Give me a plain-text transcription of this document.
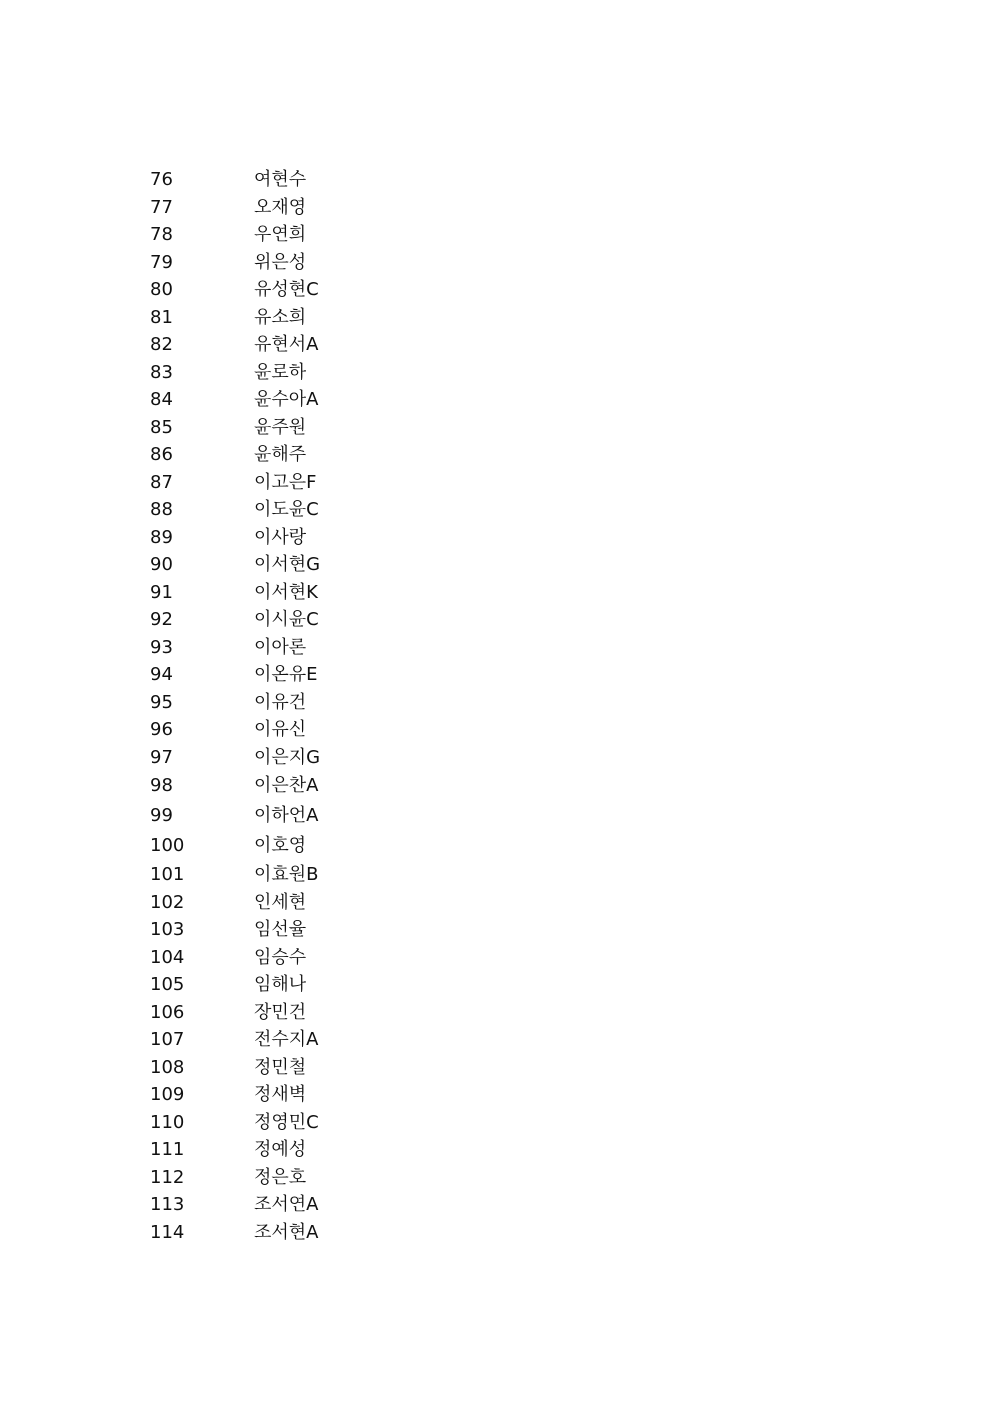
76	여현수
77	오재영
78	우연희
79	위은성
80	유성현C
81	유소희
82	유현서A
83	윤로하
84	윤수아A
85	윤주원
86	윤해주
87	이고은F
88	이도윤C
89	이사랑
90	이서현G
91	이서현K
92	이시윤C
93	이아론
94	이온유E
95	이유건
96	이유신
97	이은지G
98	이은찬A
99	이하언A
100	이호영
101	이효원B
102	인세현
103	임선율
104	임승수
105	임해나
106	장민건
107	전수지A
108	정민철
109	정새벽
110	정영민C
111	정예성
112	정은호
113	조서연A
114	조서현A
